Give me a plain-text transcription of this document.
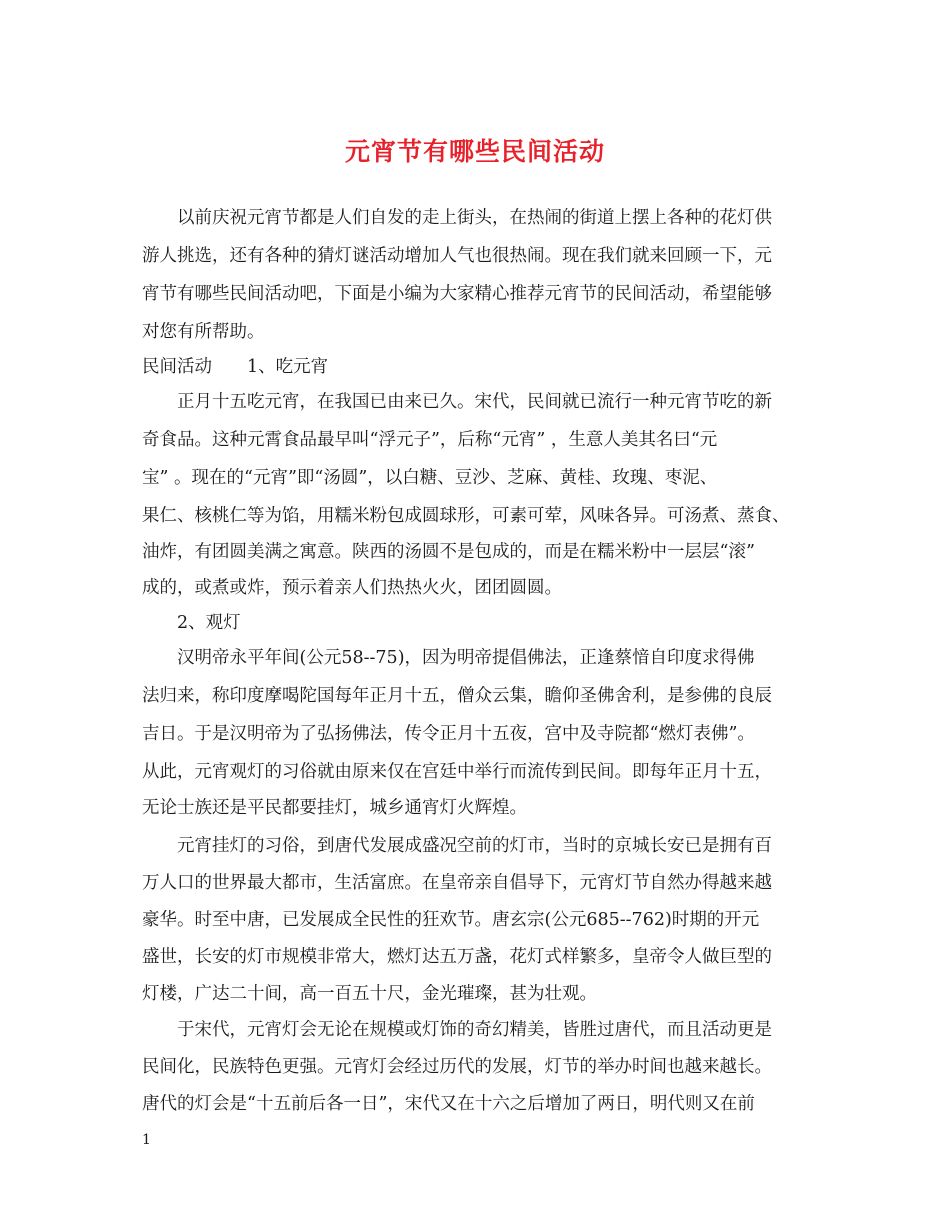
元宵节有哪些民间活动
以前庆祝元宵节都是人们自发的走上街头，在热闹的街道上摆上各种的花灯供
游人挑选，还有各种的猜灯谜活动增加人气也很热闹。现在我们就来回顾一下，元
宵节有哪些民间活动吧，下面是小编为大家精心推荐元宵节的民间活动，希望能够
对您有所帮助。
民间活动　　1、吃元宵
正月十五吃元宵，在我国已由来已久。宋代，民间就已流行一种元宵节吃的新
奇食品。这种元霄食品最早叫“浮元子”，后称“元宵” ，生意人美其名曰“元
宝” 。现在的“元宵”即“汤圆”，以白糖、豆沙、芝麻、黄桂、玫瑰、枣泥、
果仁、核桃仁等为馅，用糯米粉包成圆球形，可素可荤，风味各异。可汤煮、蒸食、
油炸，有团圆美满之寓意。陕西的汤圆不是包成的，而是在糯米粉中一层层“滚”
成的，或煮或炸，预示着亲人们热热火火，团团圆圆。
2、观灯
汉明帝永平年间(公元58--75)，因为明帝提倡佛法，正逢蔡愔自印度求得佛
法归来，称印度摩喝陀国每年正月十五，僧众云集，瞻仰圣佛舍利，是参佛的良辰
吉日。于是汉明帝为了弘扬佛法，传令正月十五夜，宫中及寺院都“燃灯表佛”。
从此，元宵观灯的习俗就由原来仅在宫廷中举行而流传到民间。即每年正月十五，
无论士族还是平民都要挂灯，城乡通宵灯火辉煌。
元宵挂灯的习俗，到唐代发展成盛况空前的灯市，当时的京城长安已是拥有百
万人口的世界最大都市，生活富庶。在皇帝亲自倡导下，元宵灯节自然办得越来越
豪华。时至中唐，已发展成全民性的狂欢节。唐玄宗(公元685--762)时期的开元
盛世，长安的灯市规模非常大，燃灯达五万盏，花灯式样繁多，皇帝令人做巨型的
灯楼，广达二十间，高一百五十尺，金光璀璨，甚为壮观。
于宋代，元宵灯会无论在规模或灯饰的奇幻精美，皆胜过唐代，而且活动更是
民间化，民族特色更强。元宵灯会经过历代的发展，灯节的举办时间也越来越长。
唐代的灯会是“十五前后各一日”，宋代又在十六之后增加了两日，明代则又在前
1
